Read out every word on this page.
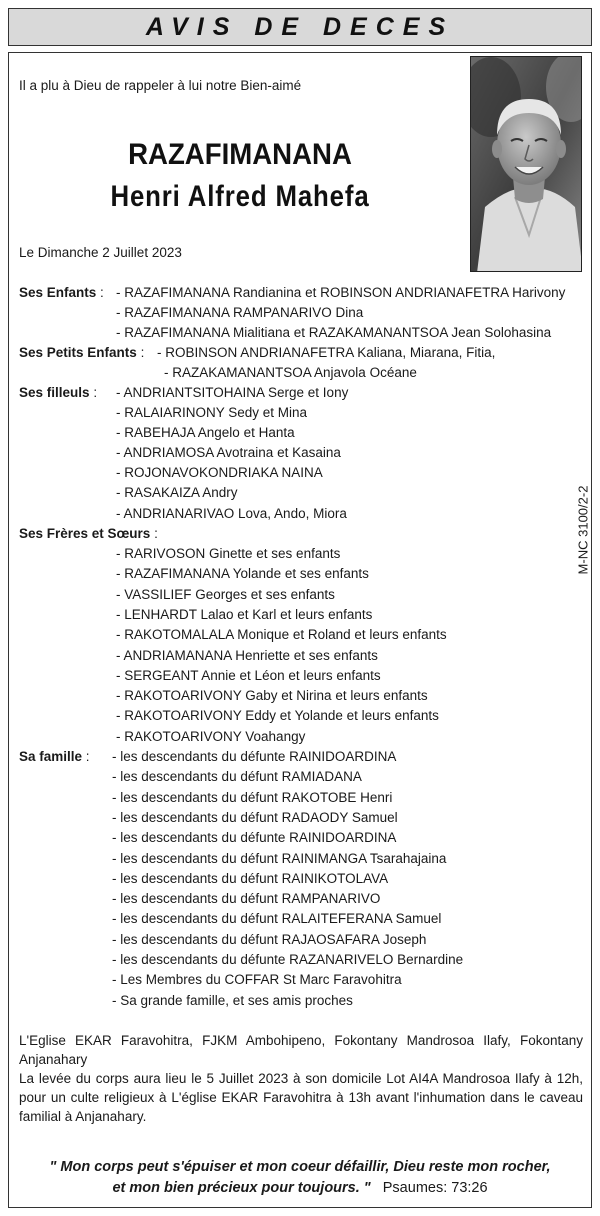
AVIS DE DECES
Il a plu à Dieu de rappeler à lui notre Bien-aimé
RAZAFIMANANA
Henri Alfred Mahefa
Le Dimanche 2 Juillet 2023
Ses Enfants : - RAZAFIMANANA Randianina et ROBINSON ANDRIANAFETRA Harivony
- RAZAFIMANANA RAMPANARIVO Dina
- RAZAFIMANANA Mialitiana et RAZAKAMANANTSOA Jean Solohasina
Ses Petits Enfants : - ROBINSON ANDRIANAFETRA Kaliana, Miarana, Fitia,
- RAZAKAMANANTSOA Anjavola Océane
Ses filleuls : - ANDRIANTSITOHAINA Serge et Iony
- RALAIARINONY Sedy et Mina
- RABEHAJA Angelo et Hanta
- ANDRIAMOSA Avotraina et Kasaina
- ROJONAVOKONDRIAKA NAINA
- RASAKAIZA Andry
- ANDRIANARIVAO Lova, Ando, Miora
Ses Frères et Sœurs :
- RARIVOSON Ginette et ses enfants
- RAZAFIMANANA Yolande et ses enfants
- VASSILIEF Georges et ses enfants
- LENHARDT Lalao et Karl et leurs enfants
- RAKOTOMALALA Monique et Roland et leurs enfants
- ANDRIAMANANA Henriette et ses enfants
- SERGEANT Annie et Léon et leurs enfants
- RAKOTOARIVONY Gaby et Nirina et leurs enfants
- RAKOTOARIVONY Eddy et Yolande et leurs enfants
- RAKOTOARIVONY Voahangy
Sa famille : - les descendants du défunte RAINIDOARDINA
- les descendants du défunt RAMIADANA
- les descendants du défunt RAKOTOBE Henri
- les descendants du défunt RADAODY Samuel
- les descendants du défunte RAINIDOARDINA
- les descendants du défunt RAINIMANGA Tsarahajaina
- les descendants du défunt RAINIKOTOLAVA
- les descendants du défunt RAMPANARIVO
- les descendants du défunt RALAITEFERANA Samuel
- les descendants du défunt RAJAOSAFARA Joseph
- les descendants du défunte RAZANARIVELO Bernardine
- Les Membres du COFFAR St Marc Faravohitra
- Sa grande famille, et ses amis proches
L'Eglise EKAR Faravohitra, FJKM Ambohipeno, Fokontany Mandrosoa Ilafy, Fokontany Anjanahary
La levée du corps aura lieu le 5 Juillet 2023 à son domicile Lot AI4A Mandrosoa Ilafy à 12h, pour un culte religieux à L'église EKAR Faravohitra à 13h avant l'inhumation dans le caveau familial à Anjanahary.
" Mon corps peut s'épuiser et mon coeur défaillir, Dieu reste mon rocher,
et mon bien précieux pour toujours. " Psaumes: 73:26
M-NC 3100/2-2
